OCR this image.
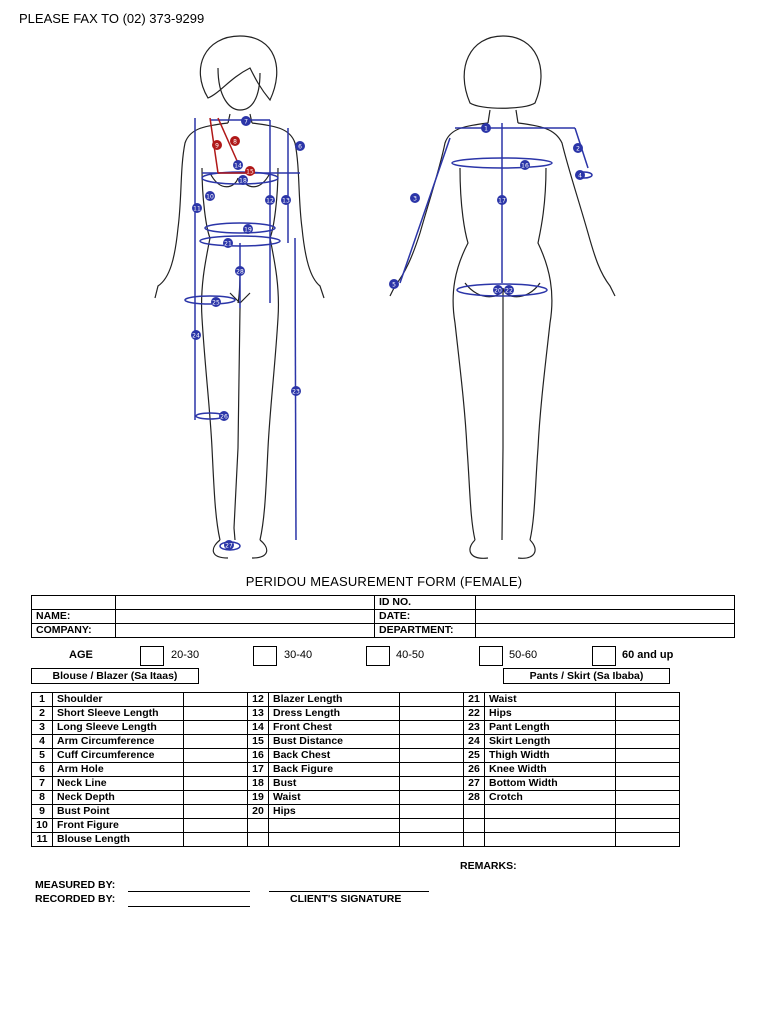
PLEASE FAX TO (02) 373-9299
1
2
3
4
5
6
7
8
9
10
11
12 13
14
15
16
17
18
19
20
21
22
23
24
25
26
27
28
PERIDOU MEASUREMENT FORM (FEMALE)
		ID NO.	
NAME:		DATE:	
COMPANY:		DEPARTMENT:	
AGE	20-30	30-40	40-50	50-60	60 and up
Blouse / Blazer (Sa Itaas)	Pants / Skirt (Sa Ibaba)
1	Shoulder		12	Blazer Length		21	Waist	
2	Short Sleeve Length		13	Dress Length		22	Hips	
3	Long Sleeve Length		14	Front Chest		23	Pant Length	
4	Arm Circumference		15	Bust Distance		24	Skirt Length	
5	Cuff Circumference		16	Back Chest		25	Thigh Width	
6	Arm Hole		17	Back Figure		26	Knee Width	
7	Neck Line		18	Bust		27	Bottom Width	
8	Neck Depth		19	Waist		28	Crotch	
9	Bust Point		20	Hips				
10	Front Figure							
11	Blouse Length							
REMARKS:
MEASURED BY:
RECORDED BY:	CLIENT'S SIGNATURE
